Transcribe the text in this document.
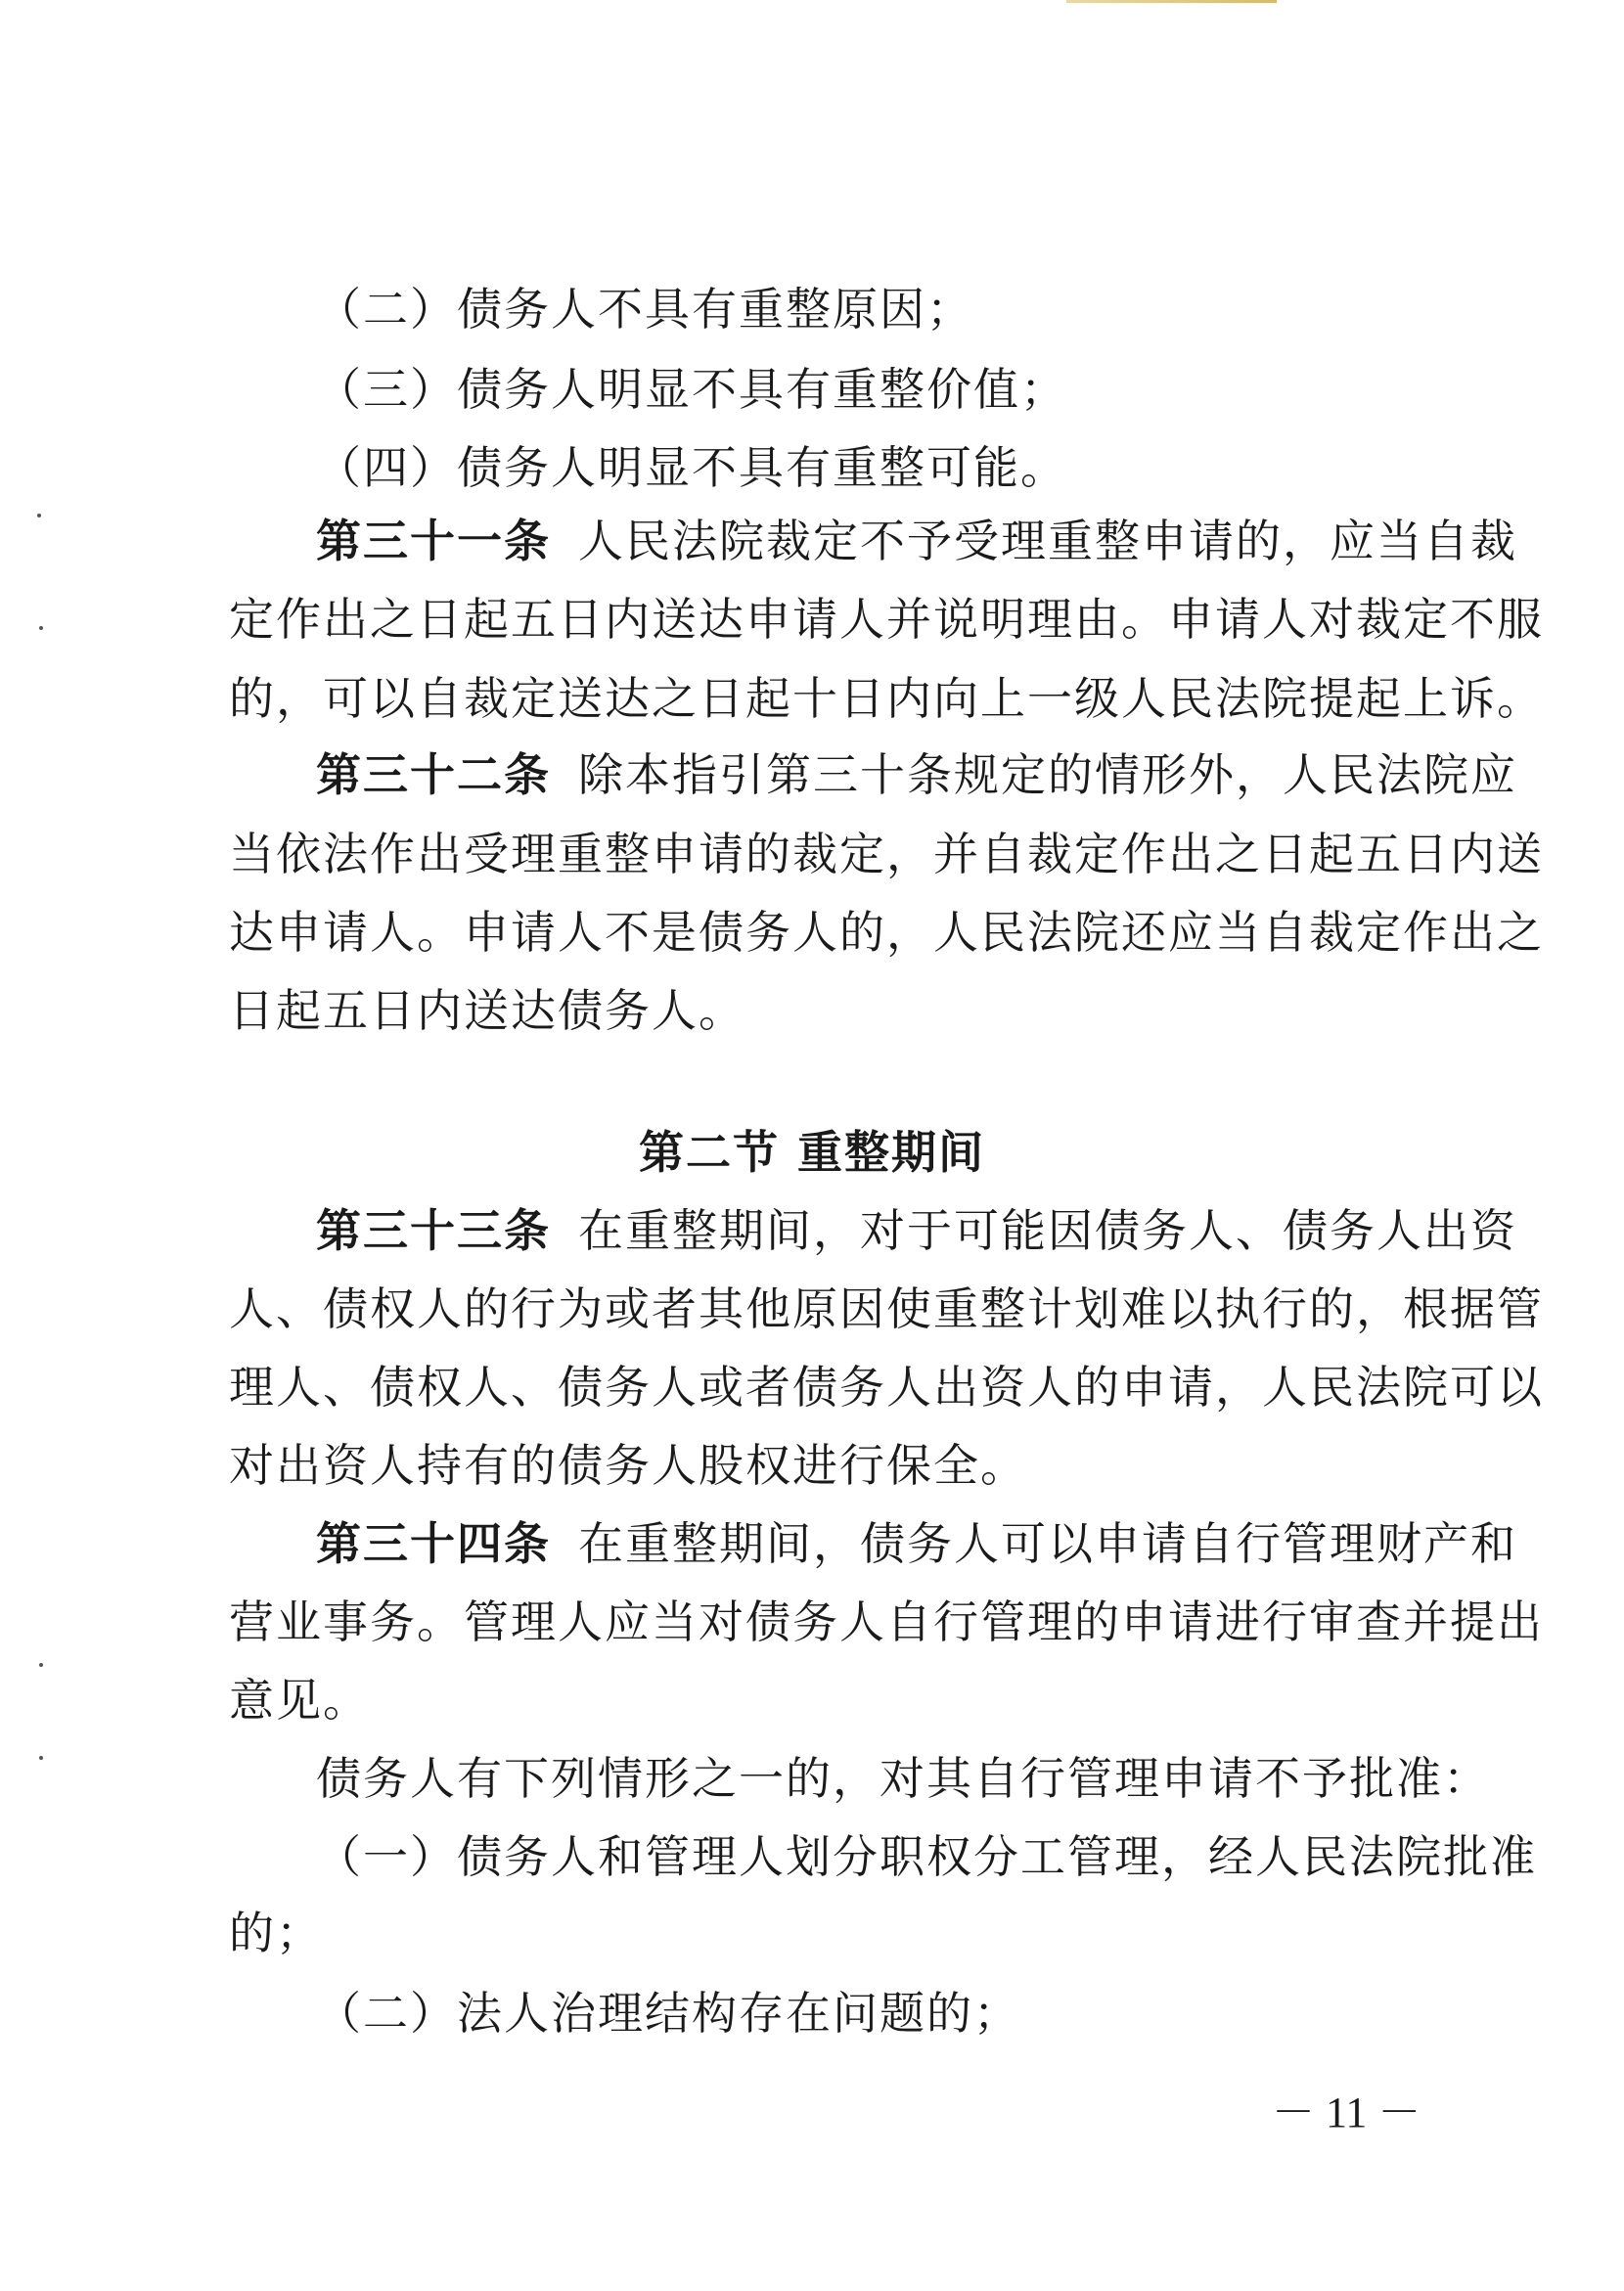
（二）债务人不具有重整原因；
（三）债务人明显不具有重整价值；
（四）债务人明显不具有重整可能。
第三十一条 人民法院裁定不予受理重整申请的，应当自裁
定作出之日起五日内送达申请人并说明理由。申请人对裁定不服
的，可以自裁定送达之日起十日内向上一级人民法院提起上诉。
第三十二条 除本指引第三十条规定的情形外，人民法院应
当依法作出受理重整申请的裁定，并自裁定作出之日起五日内送
达申请人。申请人不是债务人的，人民法院还应当自裁定作出之
日起五日内送达债务人。
第二节 重整期间
第三十三条 在重整期间，对于可能因债务人、债务人出资
人、债权人的行为或者其他原因使重整计划难以执行的，根据管
理人、债权人、债务人或者债务人出资人的申请，人民法院可以
对出资人持有的债务人股权进行保全。
第三十四条 在重整期间，债务人可以申请自行管理财产和
营业事务。管理人应当对债务人自行管理的申请进行审查并提出
意见。
债务人有下列情形之一的，对其自行管理申请不予批准：
（一）债务人和管理人划分职权分工管理，经人民法院批准
的；
（二）法人治理结构存在问题的；
－ 11 －
